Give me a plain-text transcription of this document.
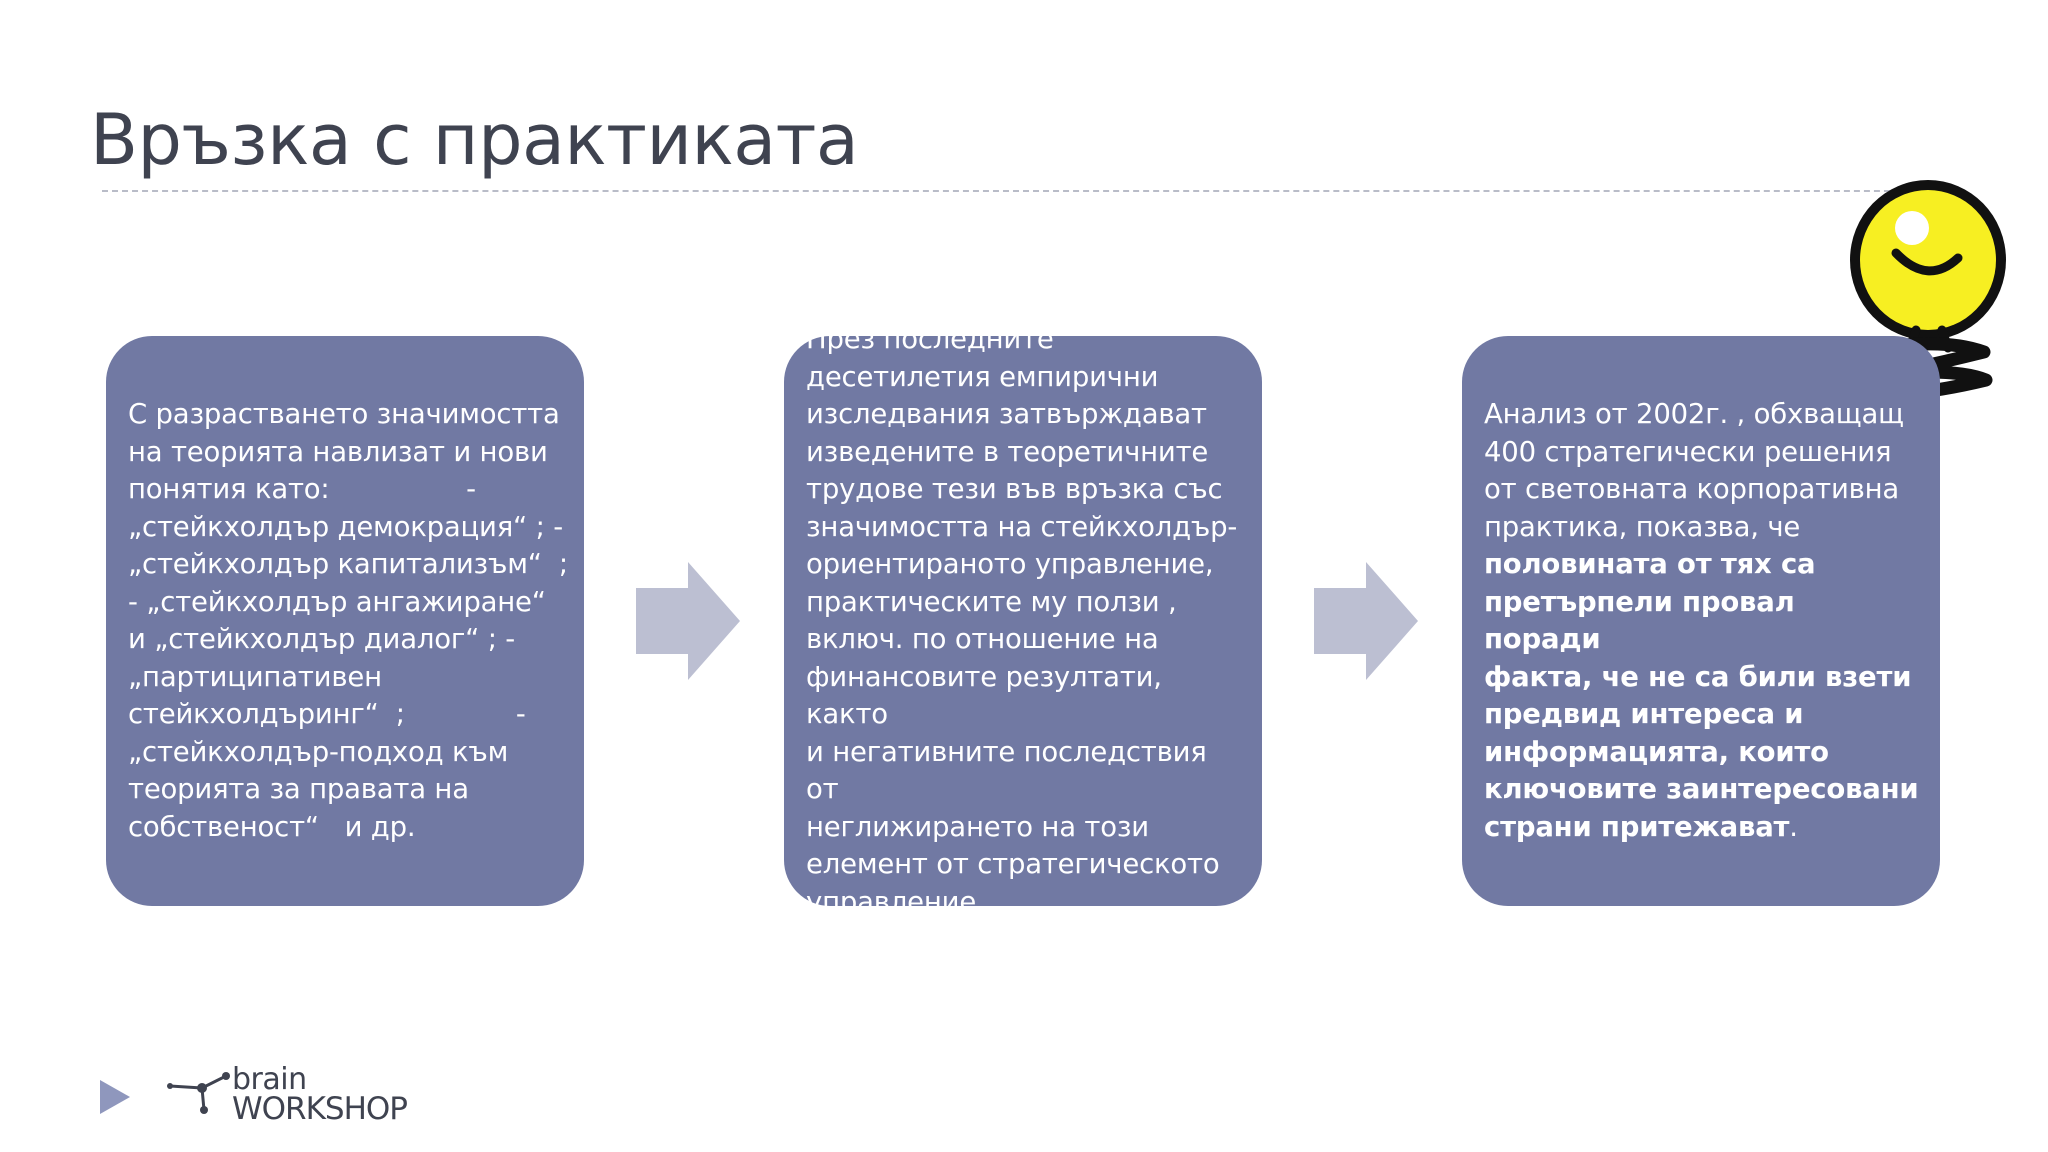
Връзка с практиката

С разрастването значимостта
на теорията навлизат и нови
понятия като:                -
„стейкхолдър демокрация“ ; -
„стейкхолдър капитализъм“  ;
- „стейкхолдър ангажиране“
и „стейкхолдър диалог“ ; -
„партиципативен
стейкхолдъринг“  ;             -
„стейкхолдър-подход към
теорията за правата на
собственост“   и др.

През последните
десетилетия емпирични
изследвания затвърждават
изведените в теоретичните
трудове тези във връзка със
значимостта на стейкхолдър-
ориентираното управление,
практическите му ползи ,
включ. по отношение на
финансовите резултати, както
и негативните последствия от
неглижирането на този
елемент от стратегическото
управление.

Анализ от 2002г. , обхващащ
400 стратегически решения
от световната корпоративна
практика, показва, че
половината от тях са
претърпели провал поради
факта, че не са били взети
предвид интереса и
информацията, които
ключовите заинтересовани
страни притежават.

brain
WORKSHOP
